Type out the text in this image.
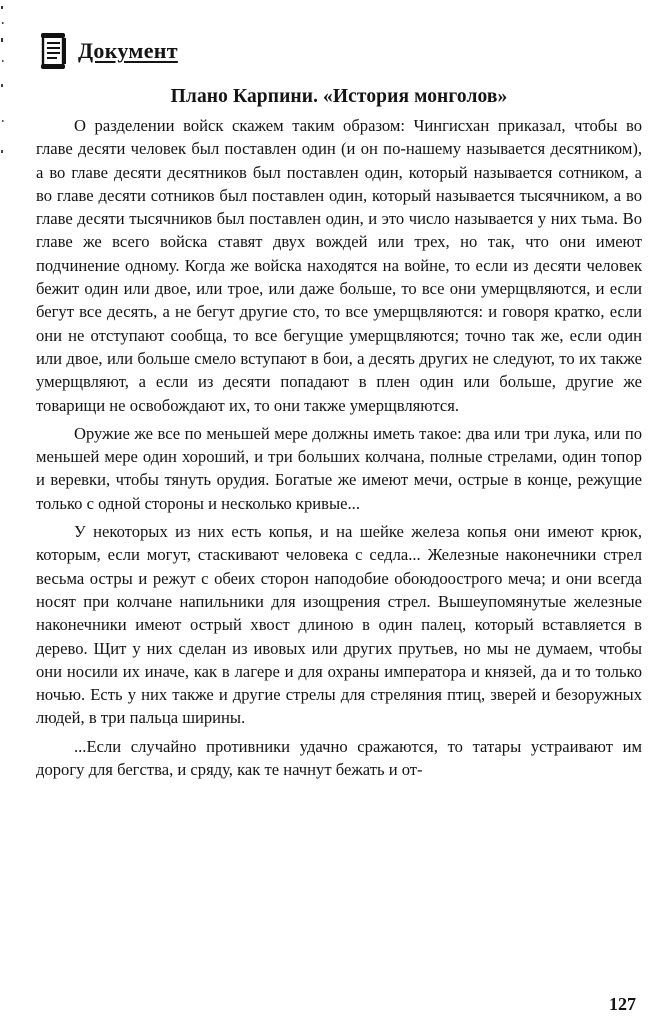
Документ
Плано Карпини. «История монголов»

О разделении войск скажем таким образом: Чингисхан приказал, чтобы во главе десяти человек был поставлен один (и он по-нашему называется десятником), а во главе десяти десятников был поставлен один, который называется сотником, а во главе десяти сотников был поставлен один, который называется тысячником, а во главе десяти тысячников был поставлен один, и это число называется у них тьма. Во главе же всего войска ставят двух вождей или трех, но так, что они имеют подчинение одному. Когда же войска находятся на войне, то если из десяти человек бежит один или двое, или трое, или даже больше, то все они умерщвляются, и если бегут все десять, а не бегут другие сто, то все умерщвляются: и говоря кратко, если они не отступают сообща, то все бегущие умерщвляются; точно так же, если один или двое, или больше смело вступают в бои, а десять других не следуют, то их также умерщвляют, а если из десяти попадают в плен один или больше, другие же товарищи не освобождают их, то они также умерщвляются.

Оружие же все по меньшей мере должны иметь такое: два или три лука, или по меньшей мере один хороший, и три больших колчана, полные стрелами, один топор и веревки, чтобы тянуть орудия. Богатые же имеют мечи, острые в конце, режущие только с одной стороны и несколько кривые...

У некоторых из них есть копья, и на шейке железа копья они имеют крюк, которым, если могут, стаскивают человека с седла... Железные наконечники стрел весьма остры и режут с обеих сторон наподобие обоюдоострого меча; и они всегда носят при колчане напильники для изощрения стрел. Вышеупомянутые железные наконечники имеют острый хвост длиною в один палец, который вставляется в дерево. Щит у них сделан из ивовых или других прутьев, но мы не думаем, чтобы они носили их иначе, как в лагере и для охраны императора и князей, да и то только ночью. Есть у них также и другие стрелы для стреляния птиц, зверей и безоружных людей, в три пальца ширины.

...Если случайно противники удачно сражаются, то татары устраивают им дорогу для бегства, и сряду, как те начнут бежать и от-

127
